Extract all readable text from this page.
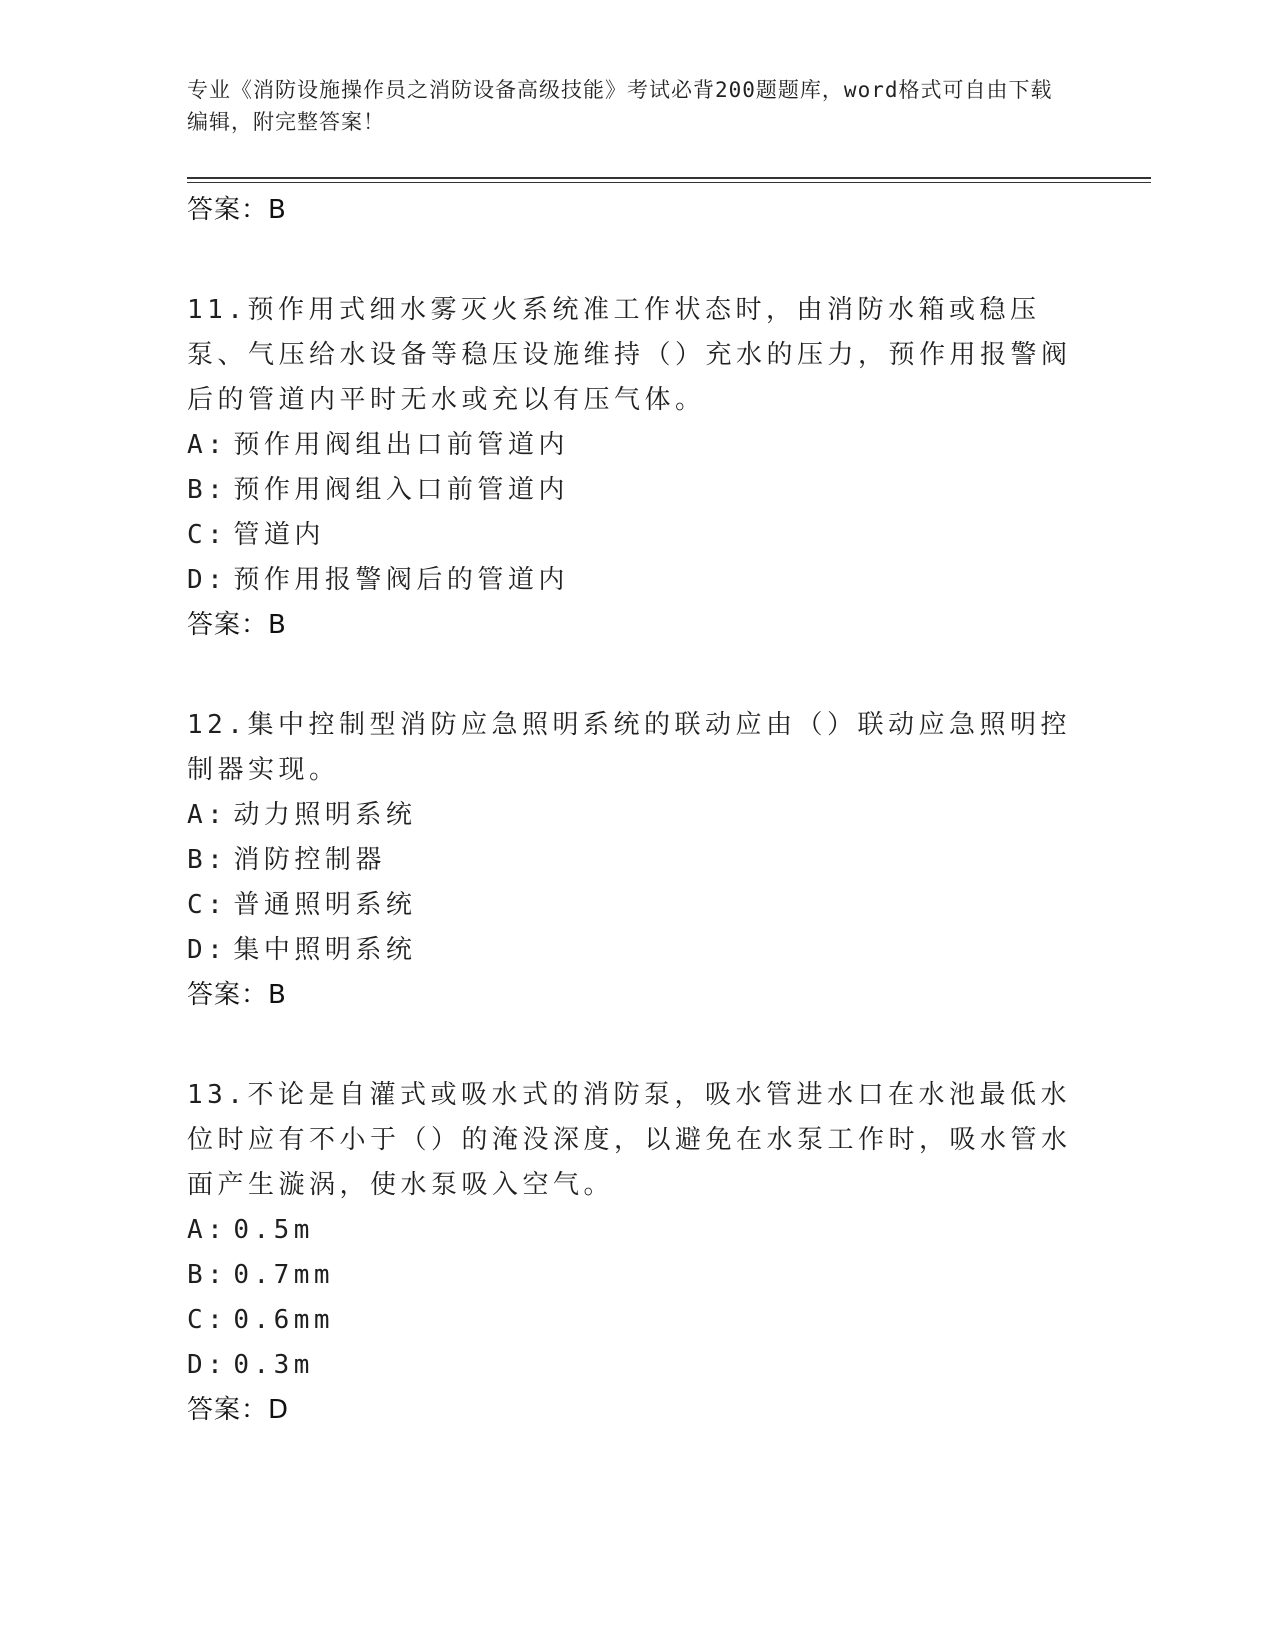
专业《消防设施操作员之消防设备高级技能》考试必背200题题库，word格式可自由下载编辑，附完整答案！
答案：B

11.预作用式细水雾灭火系统准工作状态时，由消防水箱或稳压泵、气压给水设备等稳压设施维持（）充水的压力，预作用报警阀后的管道内平时无水或充以有压气体。

A: 预作用阀组出口前管道内
B: 预作用阀组入口前管道内
C: 管道内
D: 预作用报警阀后的管道内
答案：B

12.集中控制型消防应急照明系统的联动应由（）联动应急照明控制器实现。

A: 动力照明系统
B: 消防控制器
C: 普通照明系统
D: 集中照明系统
答案：B

13.不论是自灌式或吸水式的消防泵，吸水管进水口在水池最低水位时应有不小于（）的淹没深度，以避免在水泵工作时，吸水管水面产生漩涡，使水泵吸入空气。

A: 0.5m
B: 0.7mm
C: 0.6mm
D: 0.3m
答案：D
